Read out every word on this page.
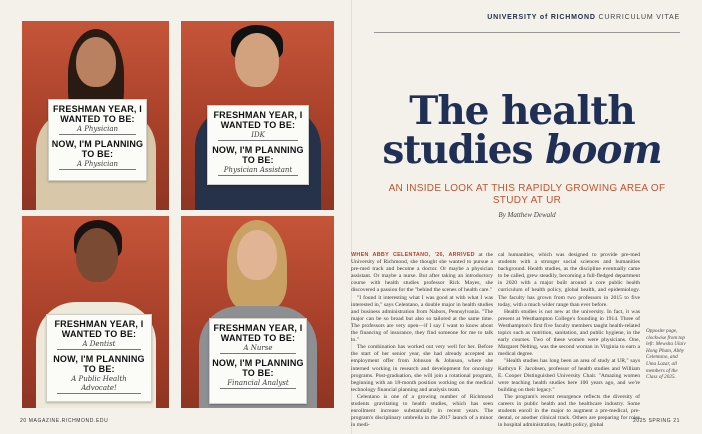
FRESHMAN YEAR, I WANTED TO BE:
A Physician
NOW, I'M PLANNING TO BE:
A Physician
FRESHMAN YEAR, I WANTED TO BE:
IDK
NOW, I'M PLANNING TO BE:
Physician Assistant
FRESHMAN YEAR, I WANTED TO BE:
A Dentist
NOW, I'M PLANNING TO BE:
A Public Health Advocate!
FRESHMAN YEAR, I WANTED TO BE:
A Nurse
NOW, I'M PLANNING TO BE:
Financial Analyst
20 MAGAZINE.RICHMOND.EDU
UNIVERSITY of RICHMOND CURRICULUM VITAE
The health
studies boom
AN INSIDE LOOK AT THIS RAPIDLY GROWING AREA OF STUDY AT UR
By Matthew Dewald

WHEN ABBY CELENTANO, '26, ARRIVED at the University of Richmond, she thought she wanted to pursue a pre-med track and become a doctor. Or maybe a physician assistant. Or maybe a nurse. But after taking an introductory course with health studies professor Rick Mayes, she discovered a passion for the "behind the scenes of health care."

"I found it interesting what I was good at with what I was interested in," says Celentano, a double major in health studies and business administration from Nabors, Pennsylvania. "The major can be so broad but also so tailored at the same time. The professors are very open—if I say I want to know about the financing of insurance, they find someone for me to talk to."

The combination has worked out very well for her. Before the start of her senior year, she had already accepted an employment offer from Johnson & Johnson, where she interned working in research and development for oncology programs. Post-graduation, she will join a rotational program, beginning with an 18-month position working on the medical technology financial planning and analysis team.

Celentano is one of a growing number of Richmond students gravitating to health studies, which has seen enrollment increase substantially in recent years. The program's disciplinary umbrella in the 2017 launch of a minor in medi-

cal humanities, which was designed to provide pre-med students with a stronger social sciences and humanities background. Health studies, as the discipline eventually came to be called, grew steadily, becoming a full-fledged department in 2020 with a major built around a core public health curriculum of health policy, global health, and epidemiology. The faculty has grown from two professors in 2015 to five today, with a much wider range than ever before.

Health studies is not new at the university. In fact, it was present at Westhampton College's founding in 1914. Three of Westhampton's first five faculty members taught health-related topics such as nutrition, sanitation, and public hygiene, in the early courses. Two of these women were physicians. One, Margaret Nelting, was the second woman in Virginia to earn a medical degree.

"Health studies has long been an area of study at UR," says Kathryn F. Jacobsen, professor of health studies and William E. Cooper Distinguished University Chair. "Amazing women were teaching health studies here 100 years ago, and we're building on their legacy."

The program's recent resurgence reflects the diversity of careers in public health and the healthcare industry. Some students enroll in the major to augment a pre-medical, pre-dental, or another clinical track. Others are preparing for roles in hospital administration, health policy, global

Opposite page, clockwise from top left: Mewsha Ulaiv Hong Pham, Abby Celentano, and Uma Lazar, all members of the Class of 2025.
2025 SPRING 21
